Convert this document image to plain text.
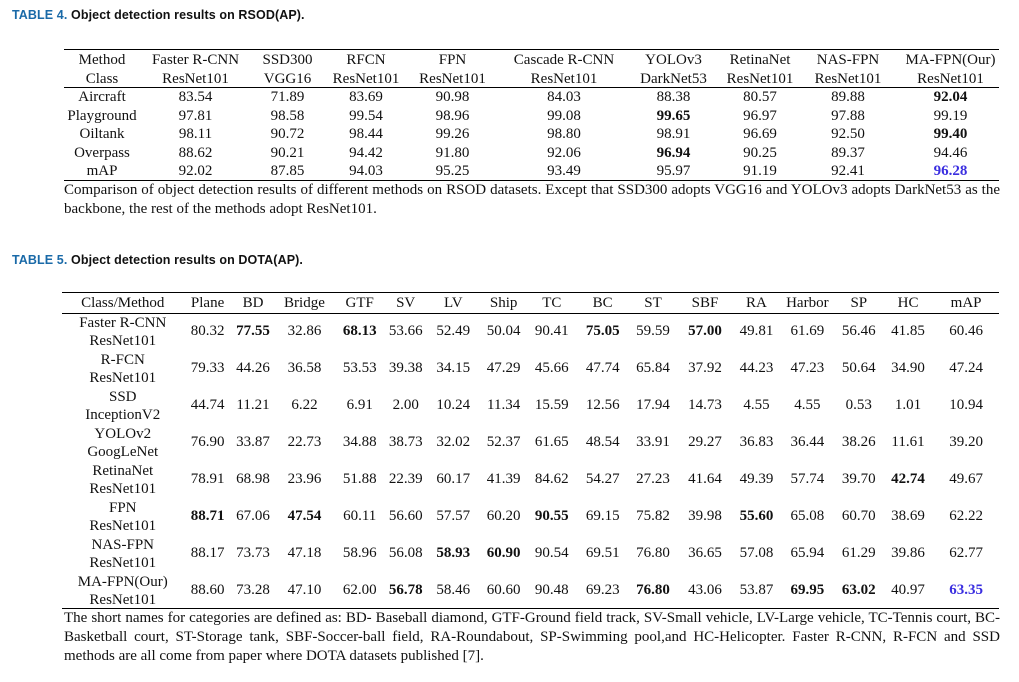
TABLE 4. Object detection results on RSOD(AP).
Method	Faster R-CNN	SSD300	RFCN	FPN	Cascade R-CNN	YOLOv3	RetinaNet	NAS-FPN	MA-FPN(Our)
Class	ResNet101	VGG16	ResNet101	ResNet101	ResNet101	DarkNet53	ResNet101	ResNet101	ResNet101
Aircraft	83.54	71.89	83.69	90.98	84.03	88.38	80.57	89.88	92.04
Playground	97.81	98.58	99.54	98.96	99.08	99.65	96.97	97.88	99.19
Oiltank	98.11	90.72	98.44	99.26	98.80	98.91	96.69	92.50	99.40
Overpass	88.62	90.21	94.42	91.80	92.06	96.94	90.25	89.37	94.46
mAP	92.02	87.85	94.03	95.25	93.49	95.97	91.19	92.41	96.28
Comparison of object detection results of different methods on RSOD datasets. Except that SSD300 adopts VGG16 and YOLOv3 adopts DarkNet53 as the backbone, the rest of the methods adopt ResNet101.
TABLE 5. Object detection results on DOTA(AP).
Class/Method	Plane	BD	Bridge	GTF	SV	LV	Ship	TC	BC	ST	SBF	RA	Harbor	SP	HC	mAP

Faster R-CNN
ResNet101	80.32	77.55	32.86	68.13	53.66	52.49	50.04	90.41	75.05	59.59	57.00	49.81	61.69	56.46	41.85	60.46

R-FCN
ResNet101	79.33	44.26	36.58	53.53	39.38	34.15	47.29	45.66	47.74	65.84	37.92	44.23	47.23	50.64	34.90	47.24

SSD
InceptionV2	44.74	11.21	6.22	6.91	2.00	10.24	11.34	15.59	12.56	17.94	14.73	4.55	4.55	0.53	1.01	10.94

YOLOv2
GoogLeNet	76.90	33.87	22.73	34.88	38.73	32.02	52.37	61.65	48.54	33.91	29.27	36.83	36.44	38.26	11.61	39.20

RetinaNet
ResNet101	78.91	68.98	23.96	51.88	22.39	60.17	41.39	84.62	54.27	27.23	41.64	49.39	57.74	39.70	42.74	49.67

FPN
ResNet101	88.71	67.06	47.54	60.11	56.60	57.57	60.20	90.55	69.15	75.82	39.98	55.60	65.08	60.70	38.69	62.22

NAS-FPN
ResNet101	88.17	73.73	47.18	58.96	56.08	58.93	60.90	90.54	69.51	76.80	36.65	57.08	65.94	61.29	39.86	62.77

MA-FPN(Our)
ResNet101	88.60	73.28	47.10	62.00	56.78	58.46	60.60	90.48	69.23	76.80	43.06	53.87	69.95	63.02	40.97	63.35
The short names for categories are defined as: BD- Baseball diamond, GTF-Ground field track, SV-Small vehicle, LV-Large vehicle, TC-Tennis court, BC-Basketball court, ST-Storage tank, SBF-Soccer-ball field, RA-Roundabout, SP-Swimming pool,and HC-Helicopter. Faster R-CNN, R-FCN and SSD methods are all come from paper where DOTA datasets published [7].
